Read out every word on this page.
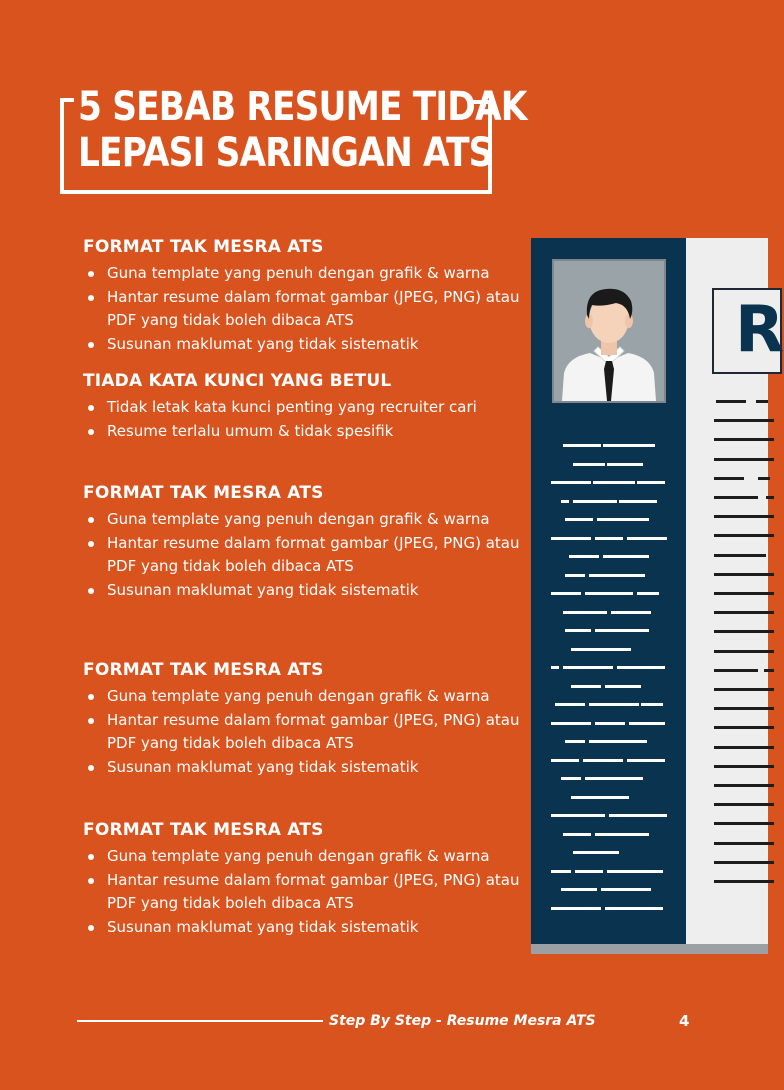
5 SEBAB RESUME TIDAK
LEPASI SARINGAN ATS
FORMAT TAK MESRA ATS
Guna template yang penuh dengan grafik & warna
Hantar resume dalam format gambar (JPEG, PNG) atau PDF yang tidak boleh dibaca ATS
Susunan maklumat yang tidak sistematik
TIADA KATA KUNCI YANG BETUL
Tidak letak kata kunci penting yang recruiter cari
Resume terlalu umum & tidak spesifik
FORMAT TAK MESRA ATS
Guna template yang penuh dengan grafik & warna
Hantar resume dalam format gambar (JPEG, PNG) atau PDF yang tidak boleh dibaca ATS
Susunan maklumat yang tidak sistematik
FORMAT TAK MESRA ATS
Guna template yang penuh dengan grafik & warna
Hantar resume dalam format gambar (JPEG, PNG) atau PDF yang tidak boleh dibaca ATS
Susunan maklumat yang tidak sistematik
FORMAT TAK MESRA ATS
Guna template yang penuh dengan grafik & warna
Hantar resume dalam format gambar (JPEG, PNG) atau PDF yang tidak boleh dibaca ATS
Susunan maklumat yang tidak sistematik
R
Step By Step - Resume Mesra ATS	4
